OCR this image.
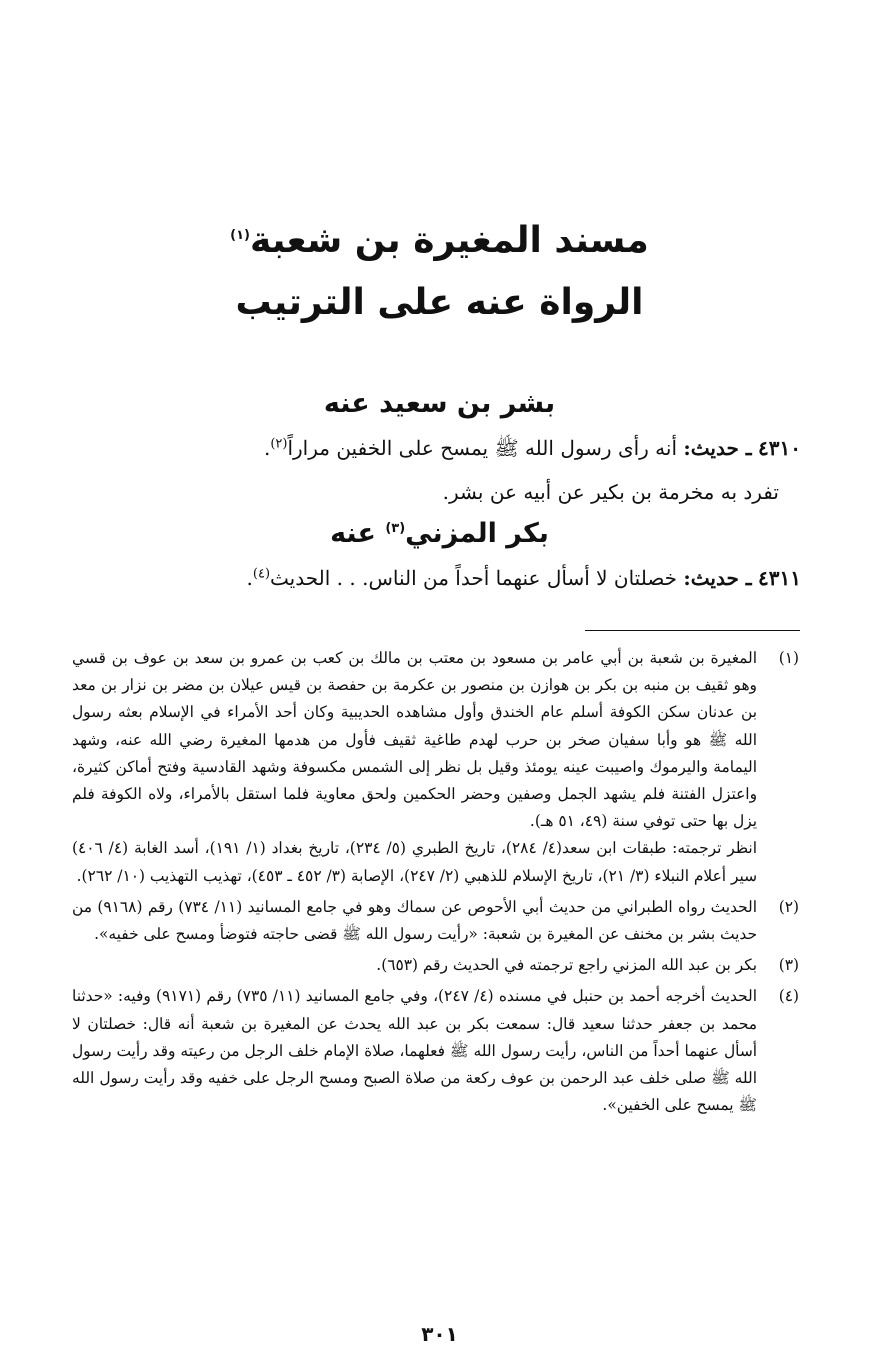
مسند المغيرة بن شعبة$^{(١)}$

الرواة عنه على الترتيب

بشر بن سعيد عنه

٤٣١٠ ـ حديث: أنه رأى رسول الله ﷺ يمسح على الخفين مراراً$^{(٢)}$.

تفرد به مخرمة بن بكير عن أبيه عن بشر.

بكر المزني$^{(٣)}$ عنه

٤٣١١ ـ حديث: خصلتان لا أسأل عنهما أحداً من الناس. . . الحديث$^{(٤)}$.

(١)

المغيرة بن شعبة بن أبي عامر بن مسعود بن معتب بن مالك بن كعب بن عمرو بن سعد بن عوف بن قسي وهو ثقيف بن منبه بن بكر بن هوازن بن منصور بن عكرمة بن حفصة بن قيس عيلان بن مضر بن نزار بن معد بن عدنان سكن الكوفة أسلم عام الخندق وأول مشاهده الحديبية وكان أحد الأمراء في الإسلام بعثه رسول الله ﷺ هو وأبا سفيان صخر بن حرب لهدم طاغية ثقيف فأول من هدمها المغيرة رضي الله عنه، وشهد اليمامة واليرموك واصيبت عينه يومئذ وقيل بل نظر إلى الشمس مكسوفة وشهد القادسية وفتح أماكن كثيرة، واعتزل الفتنة فلم يشهد الجمل وصفين وحضر الحكمين ولحق معاوية فلما استقل بالأمراء، ولاه الكوفة فلم يزل بها حتى توفي سنة (٤٩، ٥١ هـ).

انظر ترجمته: طبقات ابن سعد(٤/ ٢٨٤)، تاريخ الطبري (٥/ ٢٣٤)، تاريخ بغداد (١/ ١٩١)، أسد الغابة (٤/ ٤٠٦) سير أعلام النبلاء (٣/ ٢١)، تاريخ الإسلام للذهبي (٢/ ٢٤٧)، الإصابة (٣/ ٤٥٢ ـ ٤٥٣)، تهذيب التهذيب (١٠/ ٢٦٢).

(٢)

الحديث رواه الطبراني من حديث أبي الأحوص عن سماك وهو في جامع المسانيد (١١/ ٧٣٤) رقم (٩١٦٨) من حديث بشر بن مخنف عن المغيرة بن شعبة: «رأيت رسول الله ﷺ قضى حاجته فتوضأ ومسح على خفيه».

(٣)

بكر بن عبد الله المزني راجع ترجمته في الحديث رقم (٦٥٣).

(٤)

الحديث أخرجه أحمد بن حنبل في مسنده (٤/ ٢٤٧)، وفي جامع المسانيد (١١/ ٧٣٥) رقم (٩١٧١) وفيه: «حدثنا محمد بن جعفر حدثنا سعيد قال: سمعت بكر بن عبد الله يحدث عن المغيرة بن شعبة أنه قال: خصلتان لا أسأل عنهما أحداً من الناس، رأيت رسول الله ﷺ فعلهما، صلاة الإمام خلف الرجل من رعيته وقد رأيت رسول الله ﷺ صلى خلف عبد الرحمن بن عوف ركعة من صلاة الصبح ومسح الرجل على خفيه وقد رأيت رسول الله ﷺ يمسح على الخفين».

٣٠١
